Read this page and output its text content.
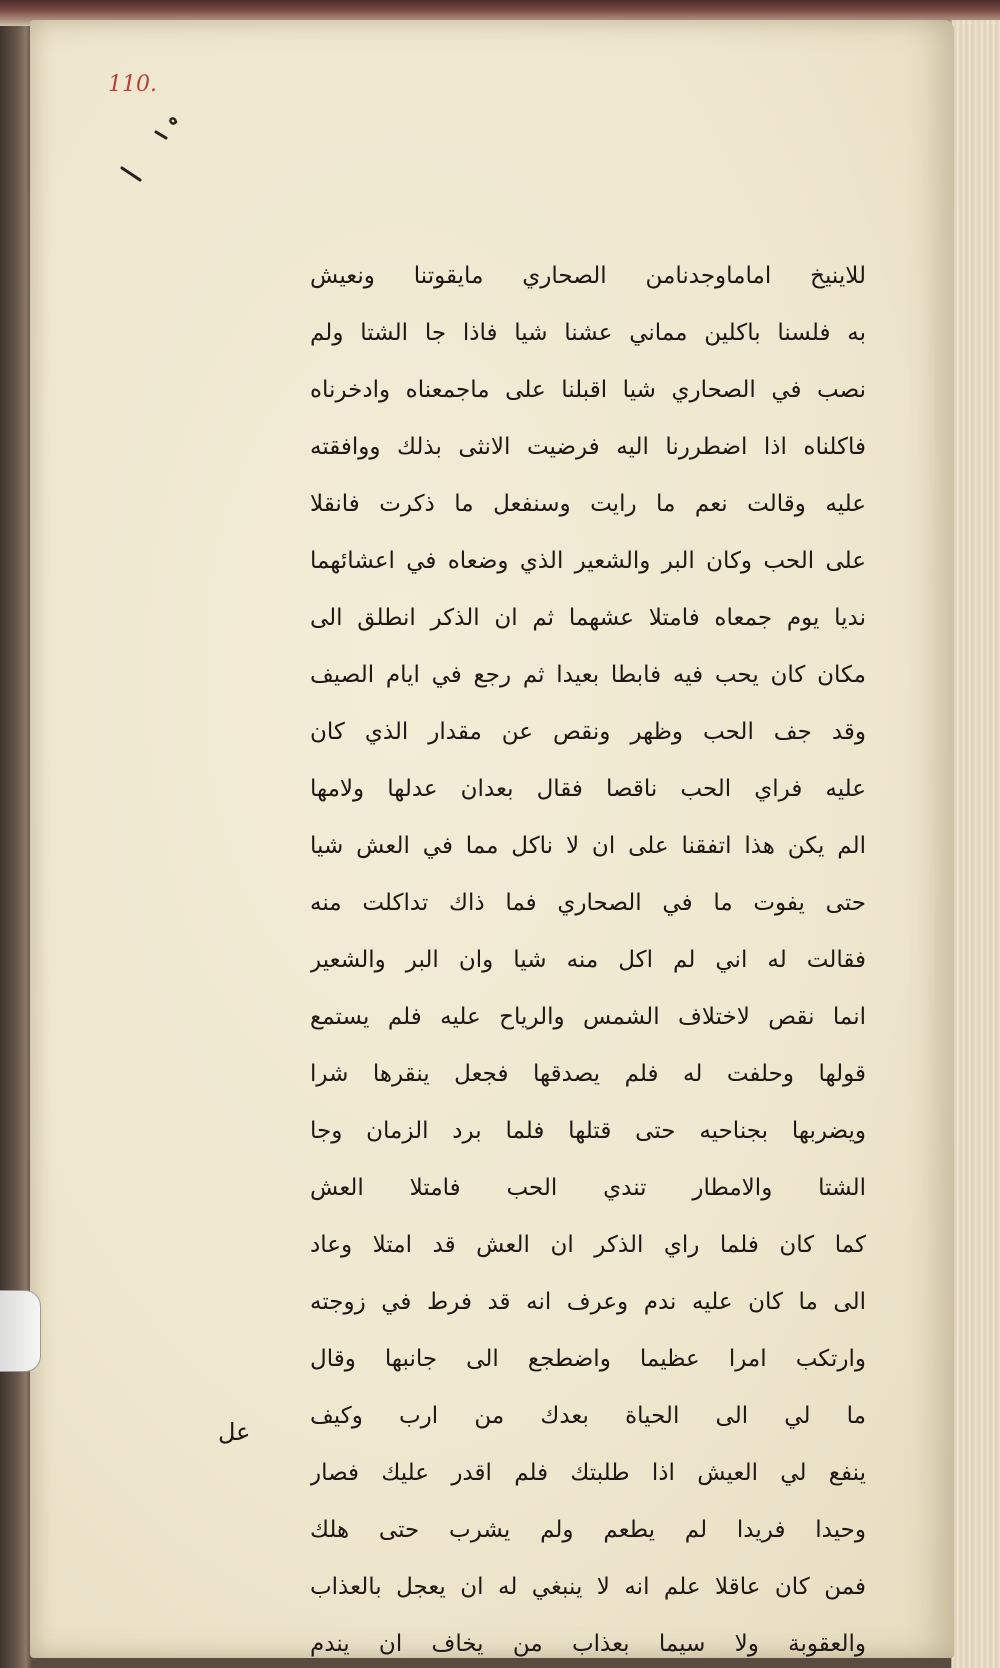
110.
للاينيخ اماماوجدنامن الصحاري مايقوتنا ونعيش
به فلسنا باكلين مماني عشنا شيا فاذا جا الشتا ولم
نصب في الصحاري شيا اقبلنا على ماجمعناه وادخرناه
فاكلناه اذا اضطررنا اليه فرضيت الانثى بذلك ووافقته
عليه وقالت نعم ما رايت وسنفعل ما ذكرت فانقلا
على الحب وكان البر والشعير الذي وضعاه في اعشائهما
نديا يوم جمعاه فامتلا عشهما ثم ان الذكر انطلق الى
مكان كان يحب فيه فابطا بعيدا ثم رجع في ايام الصيف
وقد جف الحب وظهر ونقص عن مقدار الذي كان
عليه فراي الحب ناقصا فقال بعدان عدلها ولامها
الم يكن هذا اتفقنا على ان لا ناكل مما في العش شيا
حتى يفوت ما في الصحاري فما ذاك تداكلت منه
فقالت له اني لم اكل منه شيا وان البر والشعير
انما نقص لاختلاف الشمس والرياح عليه فلم يستمع
قولها وحلفت له فلم يصدقها فجعل ينقرها شرا
ويضربها بجناحيه حتى قتلها فلما برد الزمان وجا
الشتا والامطار تندي الحب فامتلا العش
كما كان فلما راي الذكر ان العش قد امتلا وعاد
الى ما كان عليه ندم وعرف انه قد فرط في زوجته
وارتكب امرا عظيما واضطجع الى جانبها وقال
ما لي الى الحياة بعدك من ارب وكيف
ينفع لي العيش اذا طلبتك فلم اقدر عليك فصار
وحيدا فريدا لم يطعم ولم يشرب حتى هلك
فمن كان عاقلا علم انه لا ينبغي له ان يعجل بالعذاب
والعقوبة ولا سيما بعذاب من يخاف ان يندم
عل
